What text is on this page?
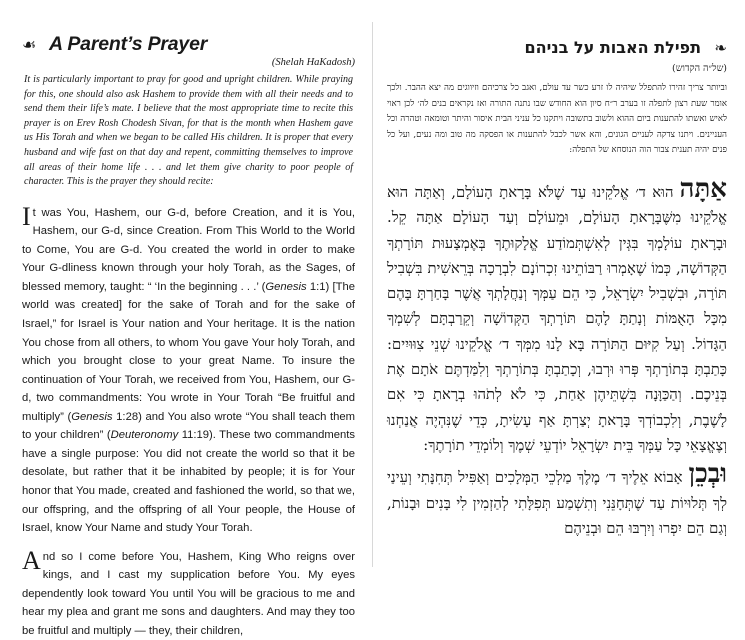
☙ A Parent’s Prayer
(Shelah HaKadosh)

It is particularly important to pray for good and upright children. While praying for this, one should also ask Hashem to provide them with all their needs and to send them their life’s mate. I believe that the most appropriate time to recite this prayer is on Erev Rosh Chodesh Sivan, for that is the month when Hashem gave us His Torah and when we began to be called His children. It is proper that every husband and wife fast on that day and repent, committing themselves to improve all areas of their home life . . . and let them give charity to poor people of character. This is the prayer they should recite:

It was You, Hashem, our G-d, before Creation, and it is You, Hashem, our G-d, since Creation. From This World to the World to Come, You are G-d. You created the world in order to make Your G-dliness known through your holy Torah, as the Sages, of blessed memory, taught: “ ‘In the beginning . . .’ (Genesis 1:1) [The world was created] for the sake of Torah and for the sake of Israel,” for Israel is Your nation and Your heritage. It is the nation You chose from all others, to whom You gave Your holy Torah, and which you brought close to your great Name. To insure the continuation of Your Torah, we received from You, Hashem, our G-d, two commandments: You wrote in Your Torah “Be fruitful and multiply” (Genesis 1:28) and You also wrote “You shall teach them to your children” (Deuteronomy 11:19). These two commandments have a single purpose: You did not create the world so that it be desolate, but rather that it be inhabited by people; it is for Your honor that You made, created and fashioned the world, so that we, our offspring, and the offspring of all Your people, the House of Israel, know Your Name and study Your Torah.

And so I come before You, Hashem, King Who reigns over kings, and I cast my supplication before You. My eyes dependently look toward You until You will be gracious to me and hear my plea and grant me sons and daughters. And may they too be fruitful and multiply — they, their children,

❧
תפילת האבות על בניהם
(של״ה הקדוש)
וביותר צריך זהירו להתפלל שיהיה לו זרע כשר עד עולם, ואגב כל צרכיהם וזיווגים מה יצא ההבר. ולכך אומר שעת רצון לתפלה זו בערב ר״ח סיון הוא החודש שבו נתנה התורה ואז נקראים בנים לה׳ לכן ראוי לאיש ואשתו להתענות ביום ההוא ולשוב בתשובה ויתקנו כל עניני הבית איסור והיתר וטומאה וטהרה וכל העניינים. ויתנו צדקה לעניים הגונים, והא אשר לכבל להתענות או הפסקה מה טוב ומה נעים, ועל כל פנים יהיה תענית צבור הוה הנוסחא של התפלה:
אַתָּההוּא ד׳ אֱלֹקֵינוּ עַד שֶׁלֹּא בָּרָאתָ הָעוֹלָם, וְאַתָּה הוּא אֱלֹקֵינוּ מִשֶּׁבָּרָאתָ הָעוֹלָם, וּמֵעוֹלָם וְעַד הָעוֹלָם אַתָּה קֵל. וּבָרָאתָ עוֹלָמְךָ בִּגְּין לְאִשְׁתְּמוֹדַע אֱלָקוּתֶךָ בְּאֶמְצָעוּת תּוֹרָתְךָ הַקְּדוֹשָׁה, כְּמוֹ שֶׁאָמְרוּ רַבּוֹתֵינוּ זִכְרוֹנָם לִבְרָכָה בְּרֵאשִׁית בִּשְׁבִיל תּוֹרָה, וּבִשְׁבִיל יִשְׂרָאֵל, כִּי הֵם עַמְּךָ וְנַחֲלָתְךָ אֲשֶׁר בָּחַרְתָּ בָּהֶם מִכָּל הָאֻמּוֹת וְנָתַתָּ לָהֶם תּוֹרָתְךָ הַקְּדוֹשָׁה וְקֵרַבְתָּם לְשִׁמְךָ הַגָּדוֹל. וְעַל קִיּוּם הַתּוֹרָה בָּא לָנוּ מִמְּךָ ד׳ אֱלֹקֵינוּ שְׁנֵי צִוּוּיִים: כָּתַבְתָּ בְּתוֹרָתְךָ פְּרוּ וּרְבוּ, וְכָתַבְתָּ בְּתוֹרָתְךָ וְלִמַּדְתֶּם אֹתָם אֶת בְּנֵיכֶם. וְהַכַּוָּנָה בִּשְׁתֵּיהֶן אַחַת, כִּי לֹא לְתֹהוּ בְרָאתָ כִּי אִם לָשֶׁבֶת, וְלִכְבוֹדְךָ בָּרָאתָ יְצַרְתָּ אַף עָשִׂיתָ, כְּדֵי שֶׁנִּהְיֶה אֲנַחְנוּ וְצֶאֱצָאֵי כָּל עַמְּךָ בֵּית יִשְׂרָאֵל יוֹדְעֵי שְׁמֶךָ וְלוֹמְדֵי תוֹרָתֶךָ:
וּבְכֵןאָבוֹא אֵלֶיךָ ד׳ מֶלֶךְ מַלְכֵי הַמְּלָכִים וְאַפִּיל תְּחִנָּתִי וְעֵינַי לְךָ תְּלוּיוֹת עַד שֶׁתְּחָנֵּנִי וְתִשְׁמַע תְּפִלָּתִי לְהַזְמִין לִי בָּנִים וּבָנוֹת, וְגַם הֵם יִפְרוּ וְיִרְבּוּ הֵם וּבְנֵיהֶם
